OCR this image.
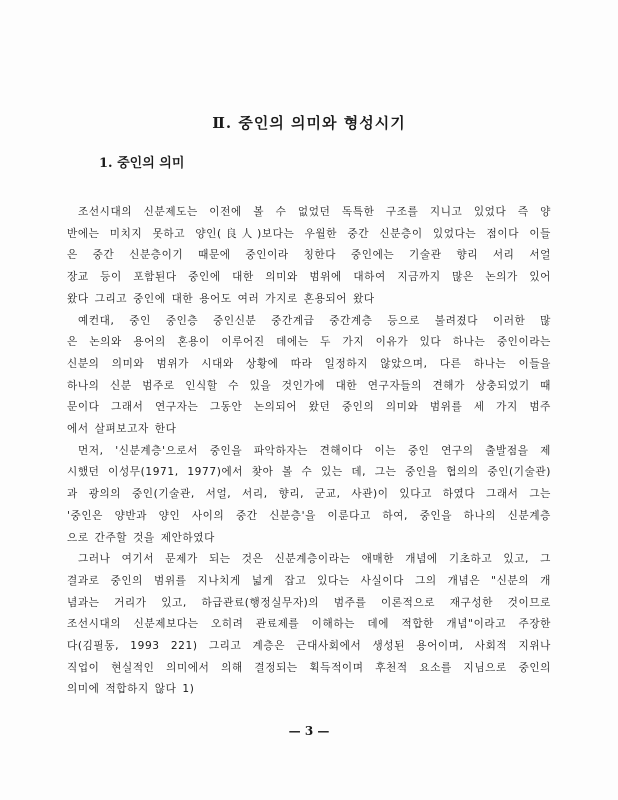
Ⅱ. 중인의 의미와 형성시기
1. 중인의 의미

조선시대의 신분제도는 이전에 볼 수 없었던 독특한 구조를 지니고 있었다 즉 양
반에는 미치지 못하고 양인(良人)보다는 우월한 중간 신분층이 있었다는 점이다 이들
은 중간 신분층이기 때문에 중인이라 칭한다 중인에는 기술관 향리 서리 서얼
장교 등이 포함된다 중인에 대한 의미와 범위에 대하여 지금까지 많은 논의가 있어
왔다 그리고 중인에 대한 용어도 여러 가지로 혼용되어 왔다

예컨대, 중인 중인층 중인신분 중간계급 중간계층 등으로 불려졌다 이러한 많
은 논의와 용어의 혼용이 이루어진 데에는 두 가지 이유가 있다 하나는 중인이라는
신분의 의미와 범위가 시대와 상황에 따라 일정하지 않았으며, 다른 하나는 이들을
하나의 신분 범주로 인식할 수 있을 것인가에 대한 연구자들의 견해가 상충되었기 때
문이다 그래서 연구자는 그동안 논의되어 왔던 중인의 의미와 범위를 세 가지 범주
에서 살펴보고자 한다

먼저, '신분계층'으로서 중인을 파악하자는 견해이다 이는 중인 연구의 출발점을 제
시했던 이성무(1971, 1977)에서 찾아 볼 수 있는 데, 그는 중인을 협의의 중인(기술관)
과 광의의 중인(기술관, 서얼, 서리, 향리, 군교, 사관)이 있다고 하였다 그래서 그는
'중인은 양반과 양인 사이의 중간 신분층'을 이룬다고 하여, 중인을 하나의 신분계층
으로 간주할 것을 제안하였다

그러나 여기서 문제가 되는 것은 신분계층이라는 애매한 개념에 기초하고 있고, 그
결과로 중인의 범위를 지나치게 넓게 잡고 있다는 사실이다 그의 개념은 "신분의 개
념과는 거리가 있고, 하급관료(행정실무자)의 범주를 이론적으로 재구성한 것이므로
조선시대의 신분제보다는 오히려 관료제를 이해하는 데에 적합한 개념"이라고 주장한
다(김필동, 1993 221) 그리고 계층은 근대사회에서 생성된 용어이며, 사회적 지위나
직업이 현실적인 의미에서 의해 결정되는 획득적이며 후천적 요소를 지님으로 중인의
의미에 적합하지 않다 1)

— 3 —
